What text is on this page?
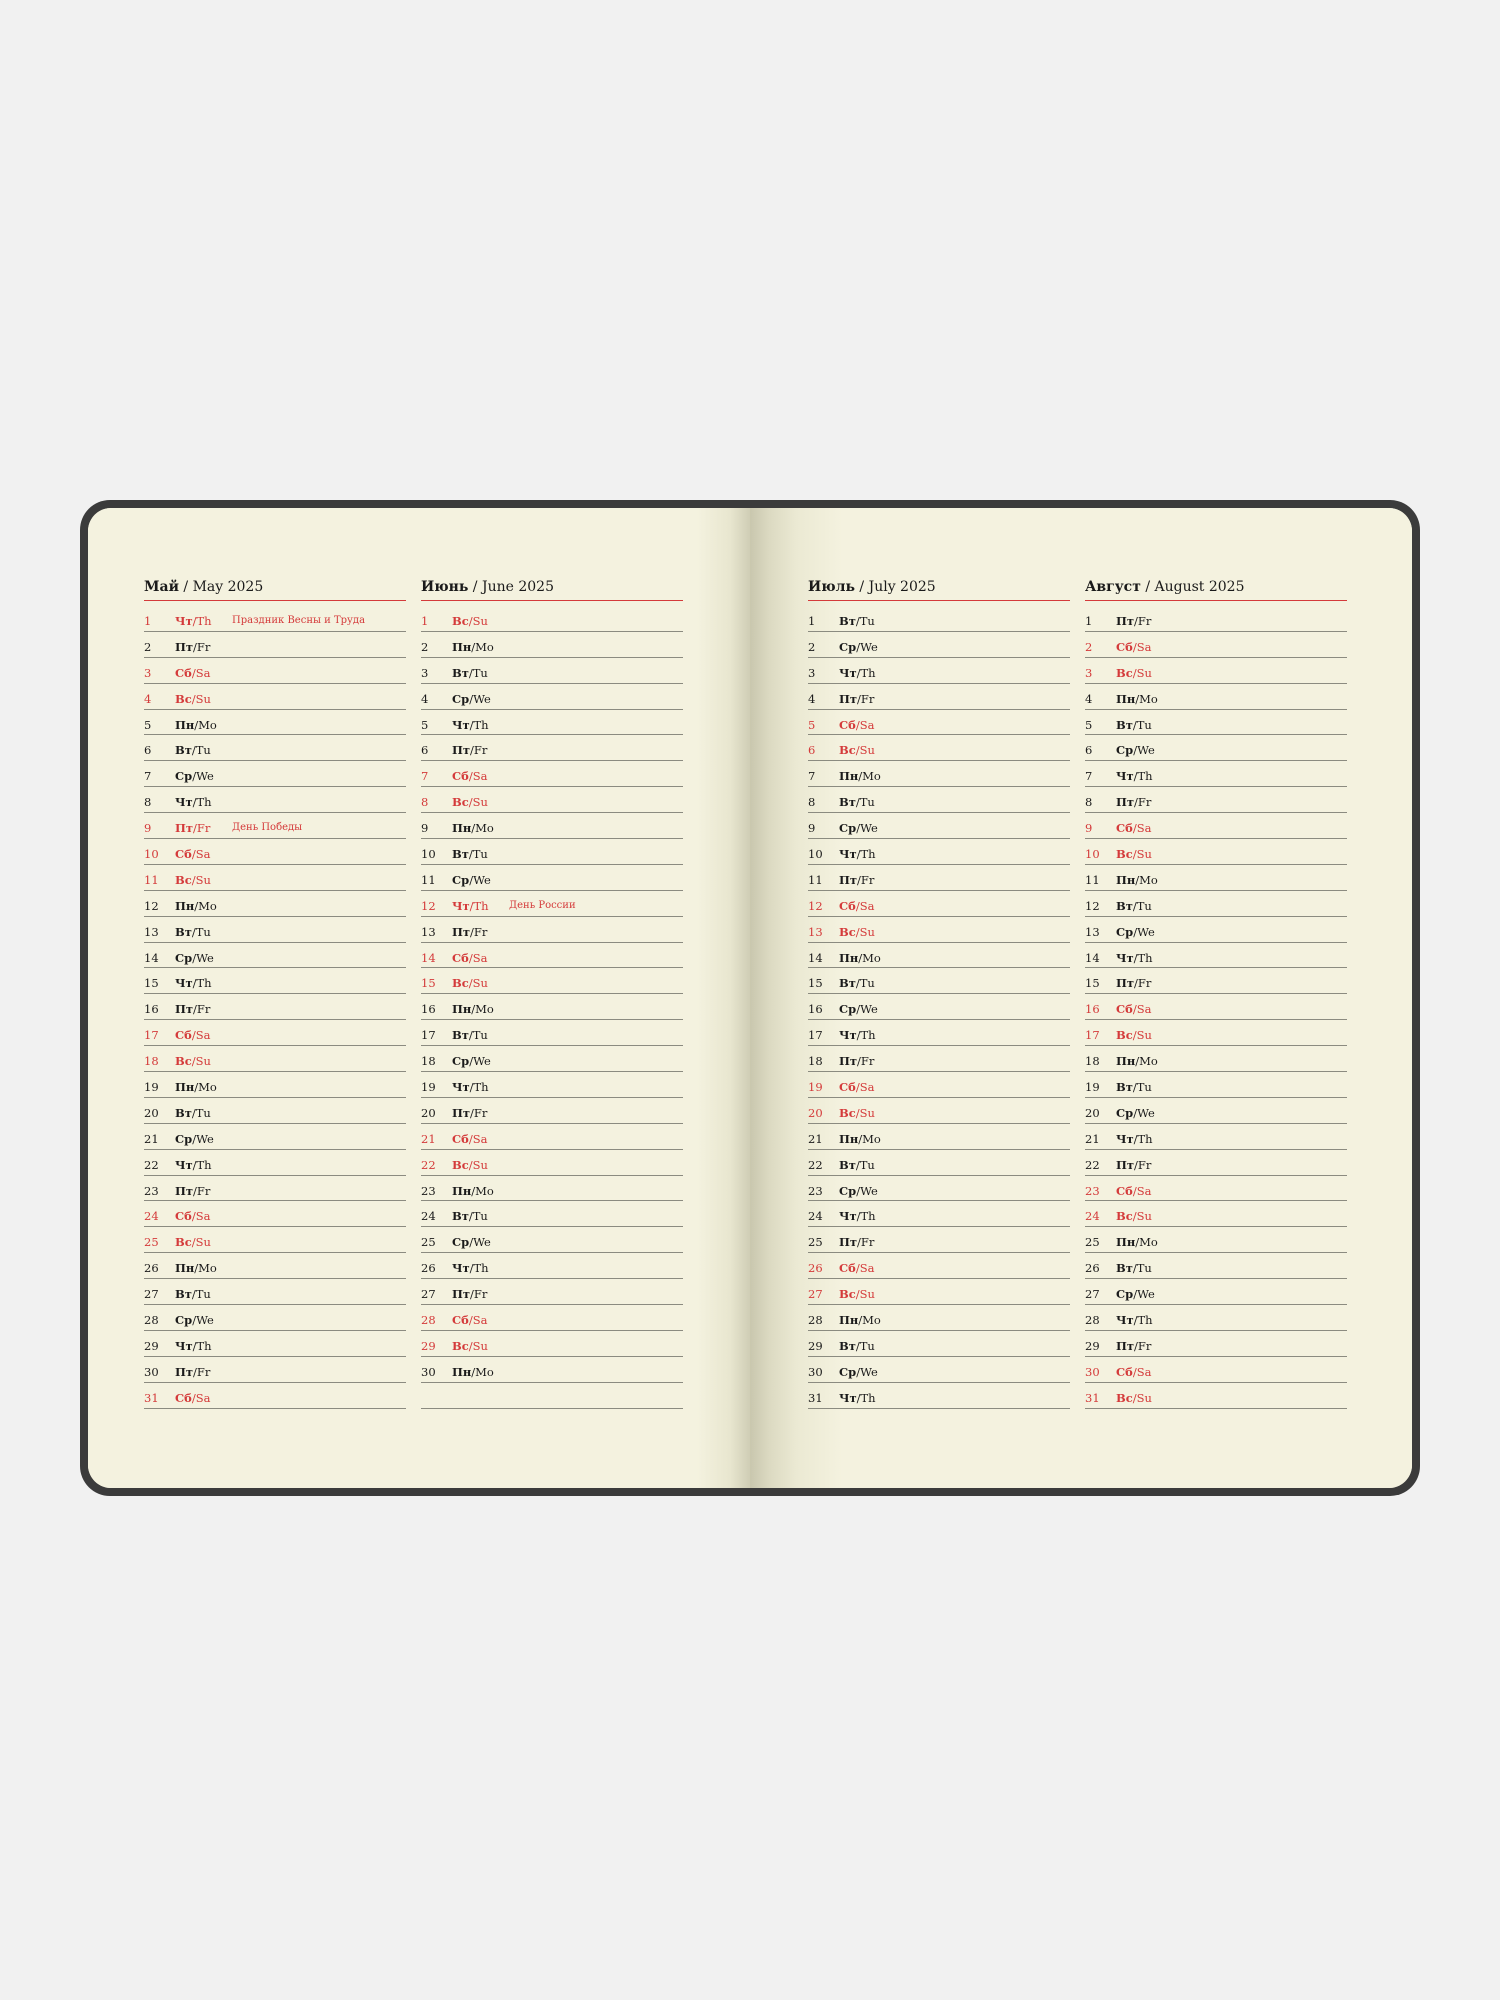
Май / May 2025
1	Чт/Th Праздник Весны и Труда
2	Пт/Fr
3	Сб/Sa
4	Вс/Su
5	Пн/Mo
6	Вт/Tu
7	Ср/We
8	Чт/Th
9	Пт/Fr День Победы
10	Сб/Sa
11	Вс/Su
12	Пн/Mo
13	Вт/Tu
14	Ср/We
15	Чт/Th
16	Пт/Fr
17	Сб/Sa
18	Вс/Su
19	Пн/Mo
20	Вт/Tu
21	Ср/We
22	Чт/Th
23	Пт/Fr
24	Сб/Sa
25	Вс/Su
26	Пн/Mo
27	Вт/Tu
28	Ср/We
29	Чт/Th
30	Пт/Fr
31	Сб/Sa
Июнь / June 2025
1	Вс/Su
2	Пн/Mo
3	Вт/Tu
4	Ср/We
5	Чт/Th
6	Пт/Fr
7	Сб/Sa
8	Вс/Su
9	Пн/Mo
10	Вт/Tu
11	Ср/We
12	Чт/Th День России
13	Пт/Fr
14	Сб/Sa
15	Вс/Su
16	Пн/Mo
17	Вт/Tu
18	Ср/We
19	Чт/Th
20	Пт/Fr
21	Сб/Sa
22	Вс/Su
23	Пн/Mo
24	Вт/Tu
25	Ср/We
26	Чт/Th
27	Пт/Fr
28	Сб/Sa
29	Вс/Su
30	Пн/Mo
Июль / July 2025
1	Вт/Tu
2	Ср/We
3	Чт/Th
4	Пт/Fr
5	Сб/Sa
6	Вс/Su
7	Пн/Mo
8	Вт/Tu
9	Ср/We
10	Чт/Th
11	Пт/Fr
12	Сб/Sa
13	Вс/Su
14	Пн/Mo
15	Вт/Tu
16	Ср/We
17	Чт/Th
18	Пт/Fr
19	Сб/Sa
20	Вс/Su
21	Пн/Mo
22	Вт/Tu
23	Ср/We
24	Чт/Th
25	Пт/Fr
26	Сб/Sa
27	Вс/Su
28	Пн/Mo
29	Вт/Tu
30	Ср/We
31	Чт/Th
Август / August 2025
1	Пт/Fr
2	Сб/Sa
3	Вс/Su
4	Пн/Mo
5	Вт/Tu
6	Ср/We
7	Чт/Th
8	Пт/Fr
9	Сб/Sa
10	Вс/Su
11	Пн/Mo
12	Вт/Tu
13	Ср/We
14	Чт/Th
15	Пт/Fr
16	Сб/Sa
17	Вс/Su
18	Пн/Mo
19	Вт/Tu
20	Ср/We
21	Чт/Th
22	Пт/Fr
23	Сб/Sa
24	Вс/Su
25	Пн/Mo
26	Вт/Tu
27	Ср/We
28	Чт/Th
29	Пт/Fr
30	Сб/Sa
31	Вс/Su
